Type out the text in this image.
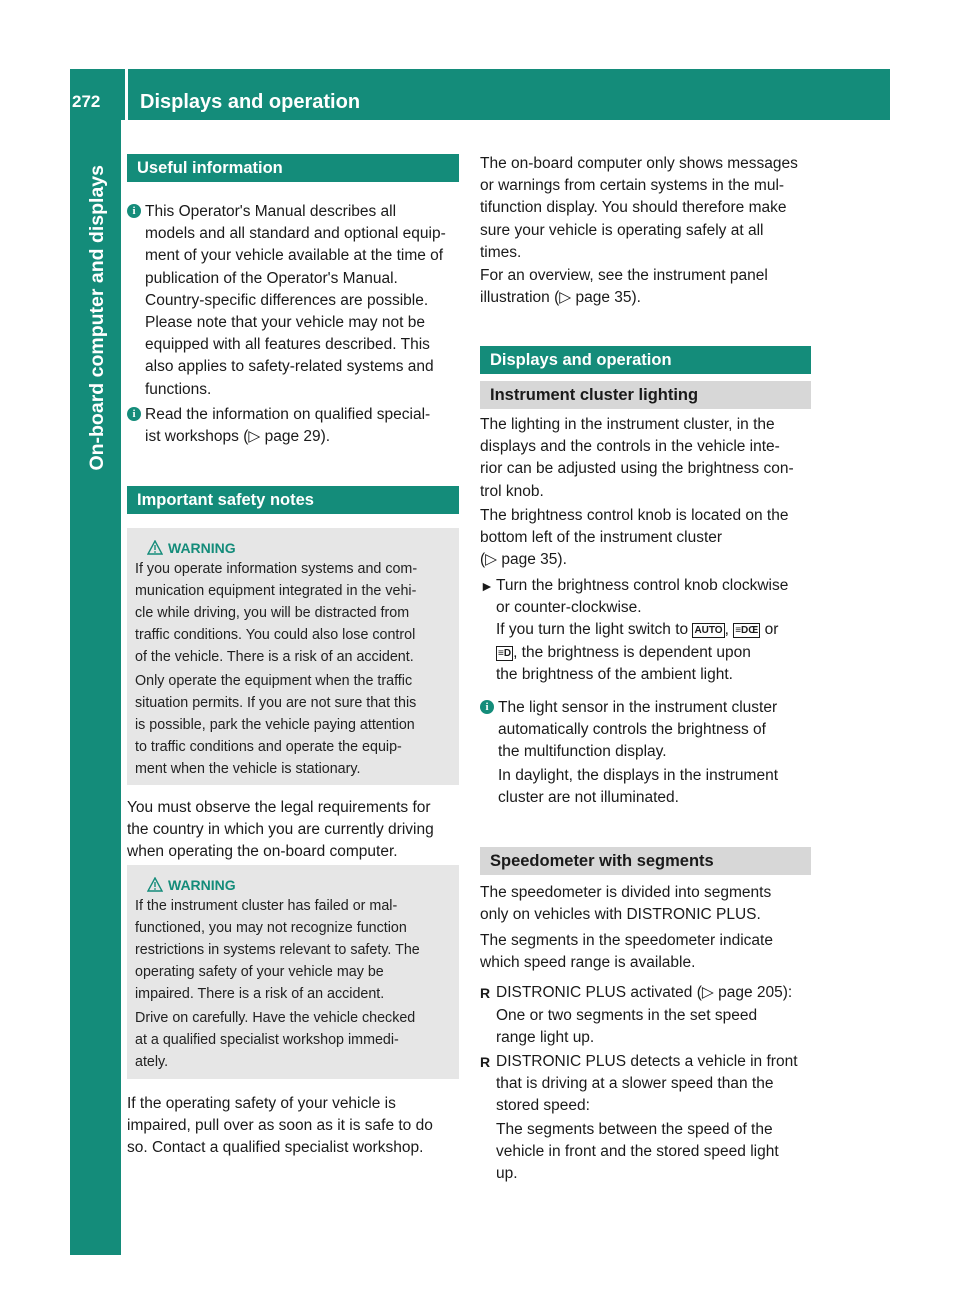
272	Displays and operation
On-board computer and displays	Useful information
i This Operator's Manual describes all
models and all standard and optional equip-
ment of your vehicle available at the time of
publication of the Operator's Manual.
Country-specific differences are possible.
Please note that your vehicle may not be
equipped with all features described. This
also applies to safety-related systems and
functions.
i Read the information on qualified special-
ist workshops (▷ page 29).
Important safety notes
WARNING
If you operate information systems and com-
munication equipment integrated in the vehi-
cle while driving, you will be distracted from
traffic conditions. You could also lose control
of the vehicle. There is a risk of an accident.
Only operate the equipment when the traffic
situation permits. If you are not sure that this
is possible, park the vehicle paying attention
to traffic conditions and operate the equip-
ment when the vehicle is stationary.
You must observe the legal requirements for
the country in which you are currently driving
when operating the on-board computer.
WARNING
If the instrument cluster has failed or mal-
functioned, you may not recognize function
restrictions in systems relevant to safety. The
operating safety of your vehicle may be
impaired. There is a risk of an accident.
Drive on carefully. Have the vehicle checked
at a qualified specialist workshop immedi-
ately.
If the operating safety of your vehicle is
impaired, pull over as soon as it is safe to do
so. Contact a qualified specialist workshop.
The on-board computer only shows messages
or warnings from certain systems in the mul-
tifunction display. You should therefore make
sure your vehicle is operating safely at all
times.
For an overview, see the instrument panel
illustration (▷ page 35).
Displays and operation
Instrument cluster lighting
The lighting in the instrument cluster, in the
displays and the controls in the vehicle inte-
rior can be adjusted using the brightness con-
trol knob.
The brightness control knob is located on the
bottom left of the instrument cluster
(▷ page 35).
► Turn the brightness control knob clockwise
or counter-clockwise.
If you turn the light switch to AUTO , ≡DŒ or
≡D , the brightness is dependent upon
the brightness of the ambient light.
i The light sensor in the instrument cluster
automatically controls the brightness of
the multifunction display.
In daylight, the displays in the instrument
cluster are not illuminated.
Speedometer with segments
The speedometer is divided into segments
only on vehicles with DISTRONIC PLUS.
The segments in the speedometer indicate
which speed range is available.
R DISTRONIC PLUS activated (▷ page 205):
One or two segments in the set speed
range light up.
R DISTRONIC PLUS detects a vehicle in front
that is driving at a slower speed than the
stored speed:
The segments between the speed of the
vehicle in front and the stored speed light
up.
